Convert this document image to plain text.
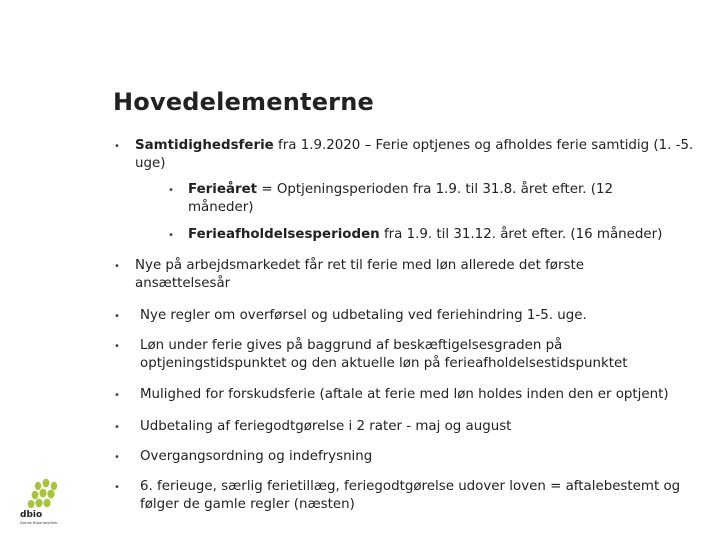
Hovedelementerne
• Samtidighedsferie fra 1.9.2020 – Ferie optjenes og afholdes ferie samtidig (1. -5. uge)
• Ferieåret = Optjeningsperioden fra 1.9. til 31.8. året efter. (12 måneder)
• Ferieafholdelsesperioden fra 1.9. til 31.12. året efter. (16 måneder)
• Nye på arbejdsmarkedet får ret til ferie med løn allerede det første ansættelsesår
• Nye regler om overførsel og udbetaling ved feriehindring 1-5. uge.
• Løn under ferie gives på baggrund af beskæftigelsesgraden på optjeningstidspunktet og den aktuelle løn på ferieafholdelsestidspunktet
• Mulighed for forskudsferie (aftale at ferie med løn holdes inden den er optjent)
• Udbetaling af feriegodtgørelse i 2 rater - maj og august
• Overgangsordning og indefrysning
• 6. ferieuge, særlig ferietillæg, feriegodtgørelse udover loven = aftalebestemt og følger de gamle regler (næsten)
dbio
Dansk Bioanalytiker
